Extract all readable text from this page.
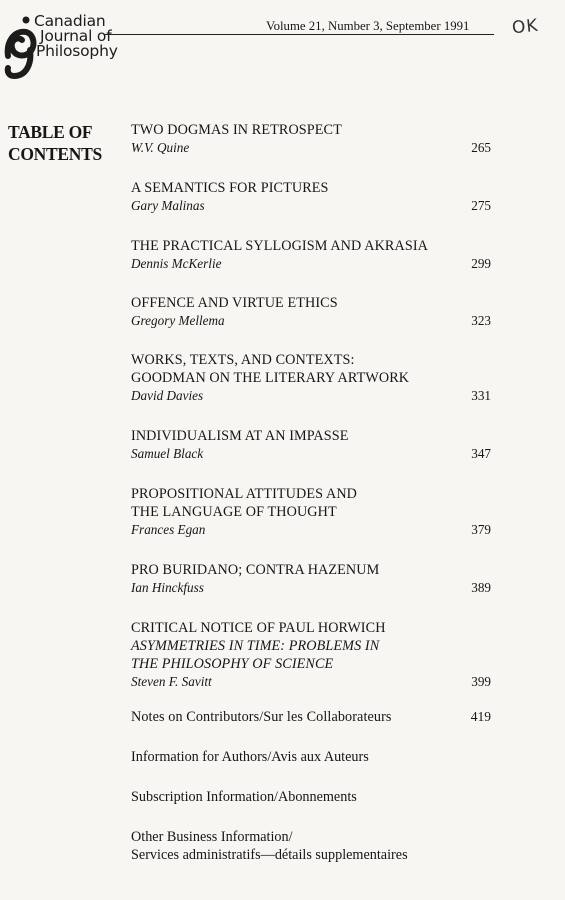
Canadian
Journal of
Philosophy
Volume 21, Number 3, September 1991 OK
TABLE OF
CONTENTS
TWO DOGMAS IN RETROSPECT
W.V. Quine	265
A SEMANTICS FOR PICTURES
Gary Malinas	275
THE PRACTICAL SYLLOGISM AND AKRASIA
Dennis McKerlie	299
OFFENCE AND VIRTUE ETHICS
Gregory Mellema	323
WORKS, TEXTS, AND CONTEXTS:
GOODMAN ON THE LITERARY ARTWORK
David Davies	331
INDIVIDUALISM AT AN IMPASSE
Samuel Black	347
PROPOSITIONAL ATTITUDES AND
THE LANGUAGE OF THOUGHT
Frances Egan	379
PRO BURIDANO; CONTRA HAZENUM
Ian Hinckfuss	389
CRITICAL NOTICE OF PAUL HORWICH
ASYMMETRIES IN TIME: PROBLEMS IN
THE PHILOSOPHY OF SCIENCE
Steven F. Savitt	399
Notes on Contributors/Sur les Collaborateurs	419
Information for Authors/Avis aux Auteurs
Subscription Information/Abonnements
Other Business Information/
Services administratifs—détails supplementaires
